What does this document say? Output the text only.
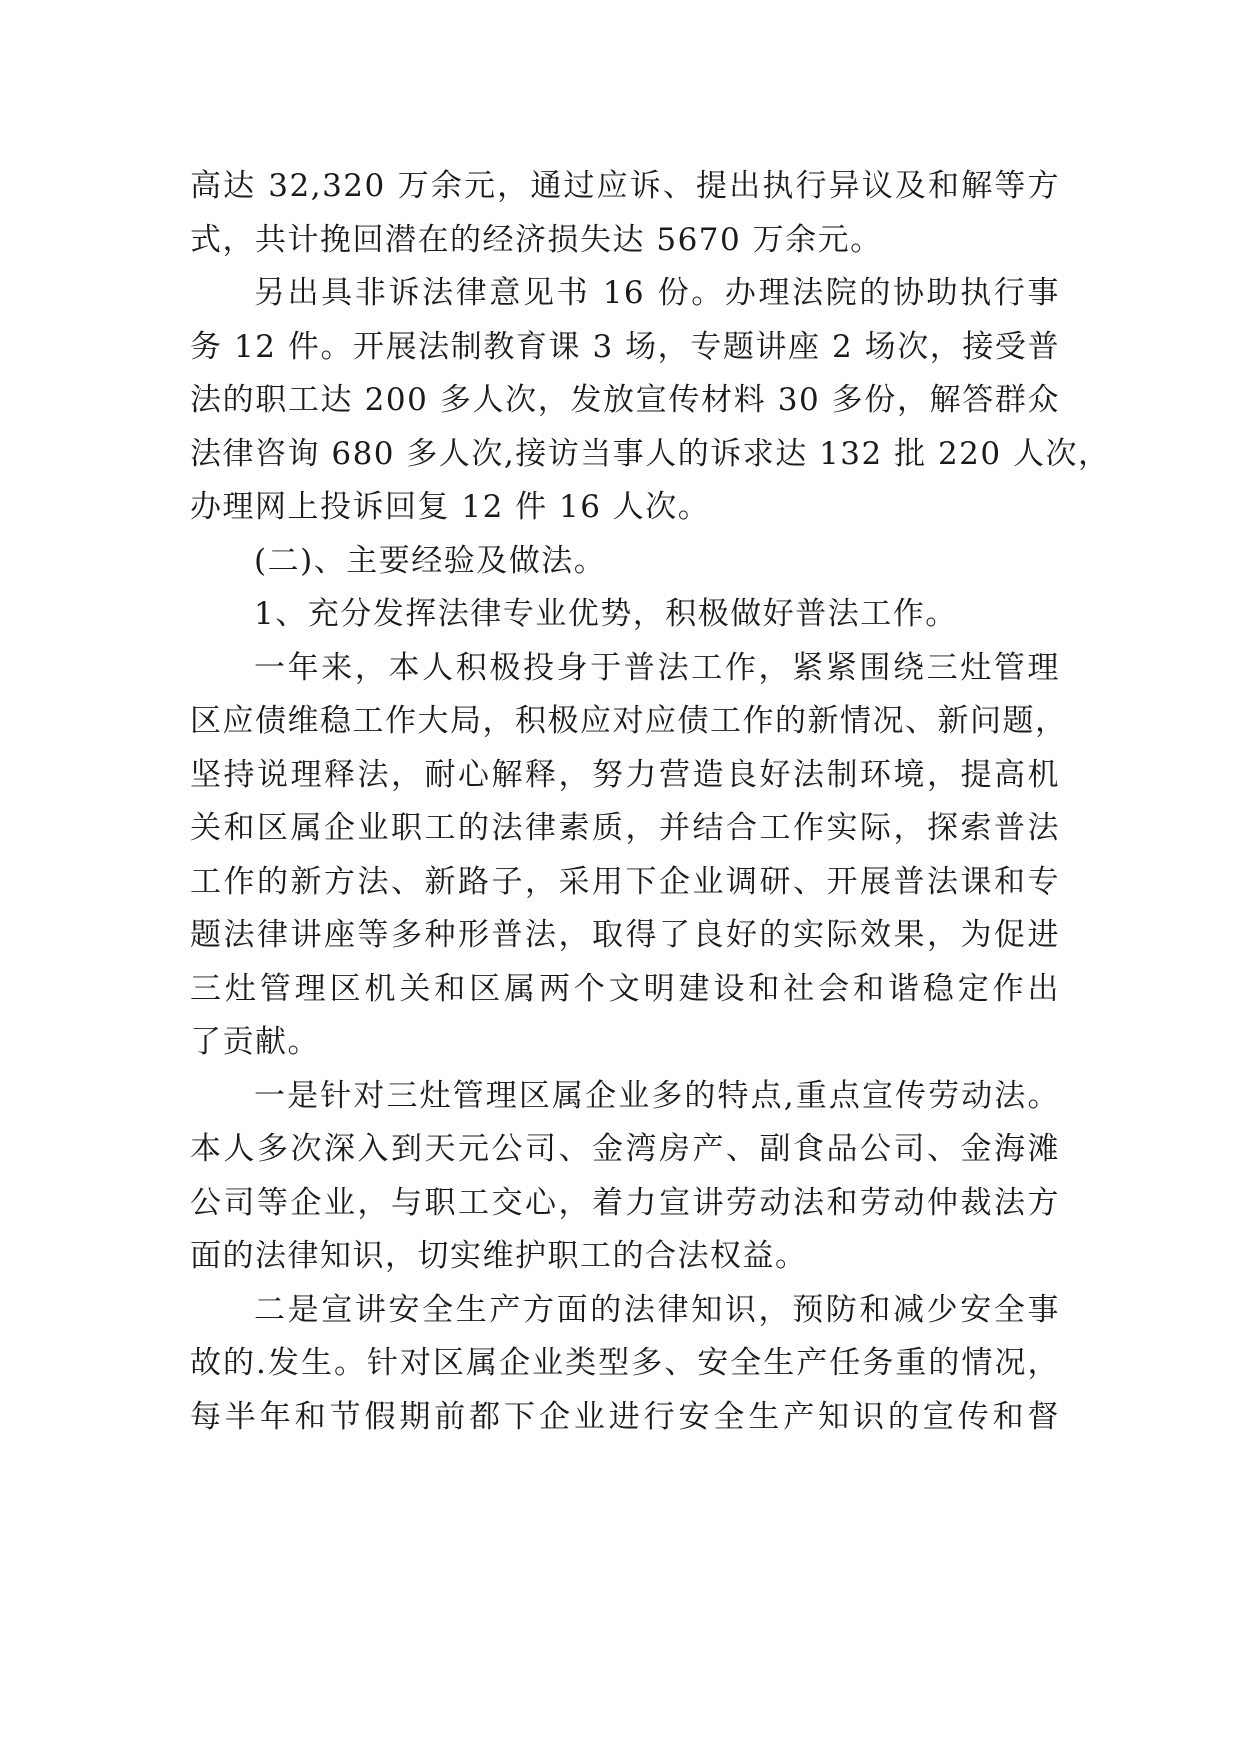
高达 32,320 万余元，通过应诉、提出执行异议及和解等方
式，共计挽回潜在的经济损失达 5670 万余元。
另出具非诉法律意见书 16 份。办理法院的协助执行事
务 12 件。开展法制教育课 3 场，专题讲座 2 场次，接受普
法的职工达 200 多人次，发放宣传材料 30 多份，解答群众
法律咨询 680 多人次,接访当事人的诉求达 132 批 220 人次，
办理网上投诉回复 12 件 16 人次。
(二)、主要经验及做法。
1、充分发挥法律专业优势，积极做好普法工作。
一年来，本人积极投身于普法工作，紧紧围绕三灶管理
区应债维稳工作大局，积极应对应债工作的新情况、新问题，
坚持说理释法，耐心解释，努力营造良好法制环境，提高机
关和区属企业职工的法律素质，并结合工作实际，探索普法
工作的新方法、新路子，采用下企业调研、开展普法课和专
题法律讲座等多种形普法，取得了良好的实际效果，为促进
三灶管理区机关和区属两个文明建设和社会和谐稳定作出
了贡献。
一是针对三灶管理区属企业多的特点,重点宣传劳动法。
本人多次深入到天元公司、金湾房产、副食品公司、金海滩
公司等企业，与职工交心，着力宣讲劳动法和劳动仲裁法方
面的法律知识，切实维护职工的合法权益。
二是宣讲安全生产方面的法律知识，预防和减少安全事
故的.发生。针对区属企业类型多、安全生产任务重的情况，
每半年和节假期前都下企业进行安全生产知识的宣传和督
